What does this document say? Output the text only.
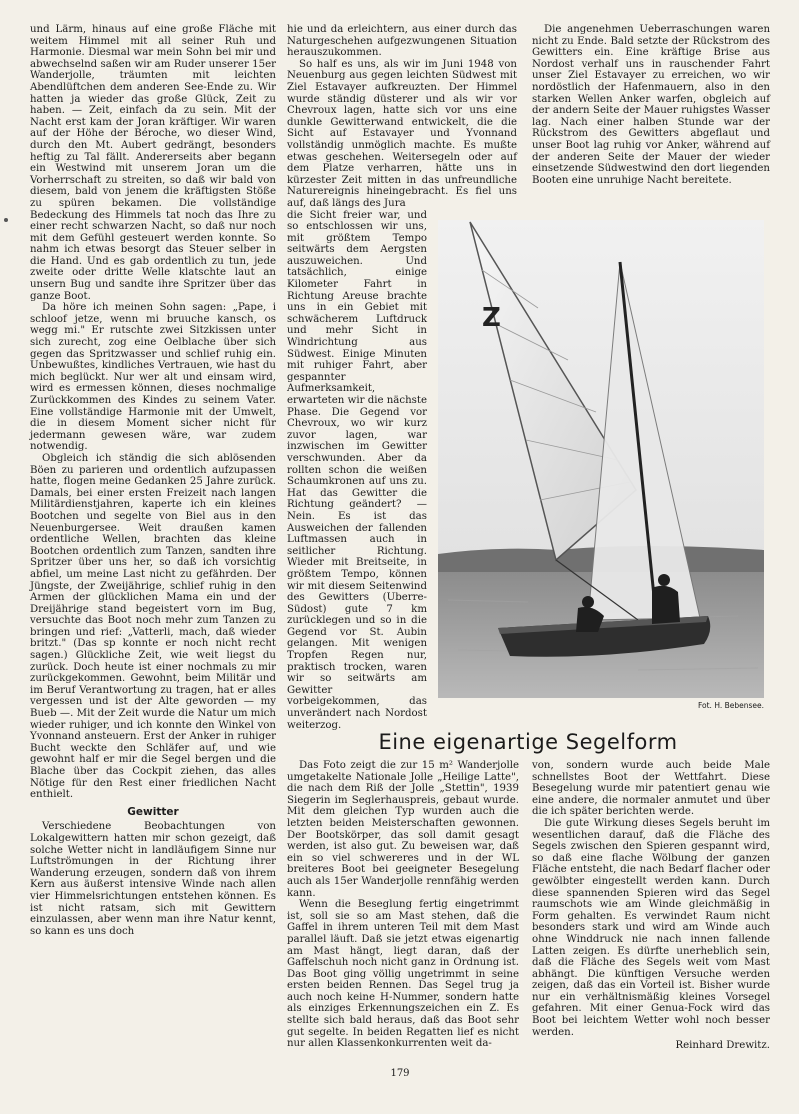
und Lärm, hinaus auf eine große Fläche mit weitem Himmel mit all seiner Ruh und Harmonie. Diesmal war mein Sohn bei mir und abwechselnd saßen wir am Ruder unserer 15er Wanderjolle, träumten mit leichten Abendlüftchen dem anderen See-Ende zu. Wir hatten ja wieder das große Glück, Zeit zu haben. — Zeit, einfach da zu sein. Mit der Nacht erst kam der Joran kräftiger. Wir waren auf der Höhe der Béroche, wo dieser Wind, durch den Mt. Aubert gedrängt, besonders heftig zu Tal fällt. Andererseits aber begann ein Westwind mit unserem Joran um die Vorherrschaft zu streiten, so daß wir bald von diesem, bald von jenem die kräftigsten Stöße zu spüren bekamen. Die vollständige Bedeckung des Himmels tat noch das Ihre zu einer recht schwarzen Nacht, so daß nur noch mit dem Gefühl gesteuert werden konnte. So nahm ich etwas besorgt das Steuer selber in die Hand. Und es gab ordentlich zu tun, jede zweite oder dritte Welle klatschte laut an unsern Bug und sandte ihre Spritzer über das ganze Boot.

Da höre ich meinen Sohn sagen: „Pape, i schloof jetze, wenn mi bruuche kansch, os wegg mi." Er rutschte zwei Sitzkissen unter sich zurecht, zog eine Oelblache über sich gegen das Spritzwasser und schlief ruhig ein. Unbewußtes, kindliches Vertrauen, wie hast du mich beglückt. Nur wer alt und einsam wird, wird es ermessen können, dieses nochmalige Zurückkommen des Kindes zu seinem Vater. Eine vollständige Harmonie mit der Umwelt, die in diesem Moment sicher nicht für jedermann gewesen wäre, war zudem notwendig.

Obgleich ich ständig die sich ablösenden Böen zu parieren und ordentlich aufzupassen hatte, flogen meine Gedanken 25 Jahre zurück. Damals, bei einer ersten Freizeit nach langen Militärdienstjahren, kaperte ich ein kleines Bootchen und segelte von Biel aus in den Neuenburgersee. Weit draußen kamen ordentliche Wellen, brachten das kleine Bootchen ordentlich zum Tanzen, sandten ihre Spritzer über uns her, so daß ich vorsichtig abfiel, um meine Last nicht zu gefährden. Der Jüngste, der Zweijährige, schlief ruhig in den Armen der glücklichen Mama ein und der Dreijährige stand begeistert vorn im Bug, versuchte das Boot noch mehr zum Tanzen zu bringen und rief: „Vatterli, mach, daß wieder britzt." (Das sp konnte er noch nicht recht sagen.) Glückliche Zeit, wie weit liegst du zurück. Doch heute ist einer nochmals zu mir zurückgekommen. Gewohnt, beim Militär und im Beruf Verantwortung zu tragen, hat er alles vergessen und ist der Alte geworden — my Bueb —. Mit der Zeit wurde die Natur um mich wieder ruhiger, und ich konnte den Winkel von Yvonnand ansteuern. Erst der Anker in ruhiger Bucht weckte den Schläfer auf, und wie gewohnt half er mir die Segel bergen und die Blache über das Cockpit ziehen, das alles Nötige für den Rest einer friedlichen Nacht enthielt.

Gewitter

Verschiedene Beobachtungen von Lokalgewittern hatten mir schon gezeigt, daß solche Wetter nicht in landläufigem Sinne nur Luftströmungen in der Richtung ihrer Wanderung erzeugen, sondern daß von ihrem Kern aus äußerst intensive Winde nach allen vier Himmelsrichtungen entstehen können. Es ist nicht ratsam, sich mit Gewittern einzulassen, aber wenn man ihre Natur kennt, so kann es uns doch

hie und da erleichtern, aus einer durch das Naturgeschehen aufgezwungenen Situation herauszukommen.

So half es uns, als wir im Juni 1948 von Neuenburg aus gegen leichten Südwest mit Ziel Estavayer aufkreuzten. Der Himmel wurde ständig düsterer und als wir vor Chevroux lagen, hatte sich vor uns eine dunkle Gewitterwand entwickelt, die die Sicht auf Estavayer und Yvonnand vollständig unmöglich machte. Es mußte etwas geschehen. Weitersegeln oder auf dem Platze verharren, hätte uns in kürzester Zeit mitten in das unfreundliche Naturereignis hineingebracht. Es fiel uns auf, daß längs des Jura

die Sicht freier war, und so entschlossen wir uns, mit größtem Tempo seitwärts dem Aergsten auszuweichen. Und tatsächlich, einige Kilometer Fahrt in Richtung Areuse brachte uns in ein Gebiet mit schwächerem Luftdruck und mehr Sicht in Windrichtung aus Südwest. Einige Minuten mit ruhiger Fahrt, aber gespannter Aufmerksamkeit, erwarteten wir die nächste Phase. Die Gegend vor Chevroux, wo wir kurz zuvor lagen, war inzwischen im Gewitter verschwunden. Aber da rollten schon die weißen Schaumkronen auf uns zu. Hat das Gewitter die Richtung geändert? — Nein. Es ist das Ausweichen der fallenden Luftmassen auch in seitlicher Richtung. Wieder mit Breitseite, in größtem Tempo, können wir mit diesem Seitenwind des Gewitters (Uberre-Südost) gute 7 km zurücklegen und so in die Gegend vor St. Aubin gelangen. Mit wenigen Tropfen Regen nur, praktisch trocken, waren wir so seitwärts am Gewitter vorbeigekommen, das unverändert nach Nordost weiterzog.

Die angenehmen Ueberraschungen waren nicht zu Ende. Bald setzte der Rückstrom des Gewitters ein. Eine kräftige Brise aus Nordost verhalf uns in rauschender Fahrt unser Ziel Estavayer zu erreichen, wo wir nordöstlich der Hafenmauern, also in den starken Wellen Anker warfen, obgleich auf der andern Seite der Mauer ruhigstes Wasser lag. Nach einer halben Stunde war der Rückstrom des Gewitters abgeflaut und unser Boot lag ruhig vor Anker, während auf der anderen Seite der Mauer der wieder einsetzende Südwestwind den dort liegenden Booten eine unruhige Nacht bereitete.

Z
Fot. H. Bebensee.
Eine eigenartige Segelform

Das Foto zeigt die zur 15 m² Wanderjolle umgetakelte Nationale Jolle „Heilige Latte", die nach dem Riß der Jolle „Stettin", 1939 Siegerin im Seglerhauspreis, gebaut wurde. Mit dem gleichen Typ wurden auch die letzten beiden Meisterschaften gewonnen. Der Bootskörper, das soll damit gesagt werden, ist also gut. Zu beweisen war, daß ein so viel schwereres und in der WL breiteres Boot bei geeigneter Besegelung auch als 15er Wanderjolle rennfähig werden kann.

Wenn die Beseglung fertig eingetrimmt ist, soll sie so am Mast stehen, daß die Gaffel in ihrem unteren Teil mit dem Mast parallel läuft. Daß sie jetzt etwas eigenartig am Mast hängt, liegt daran, daß der Gaffelschuh noch nicht ganz in Ordnung ist. Das Boot ging völlig ungetrimmt in seine ersten beiden Rennen. Das Segel trug ja auch noch keine H-Nummer, sondern hatte als einziges Erkennungszeichen ein Z. Es stellte sich bald heraus, daß das Boot sehr gut segelte. In beiden Regatten lief es nicht nur allen Klassenkonkurrenten weit da-

von, sondern wurde auch beide Male schnellstes Boot der Wettfahrt. Diese Besegelung wurde mir patentiert genau wie eine andere, die normaler anmutet und über die ich später berichten werde.

Die gute Wirkung dieses Segels beruht im wesentlichen darauf, daß die Fläche des Segels zwischen den Spieren gespannt wird, so daß eine flache Wölbung der ganzen Fläche entsteht, die nach Bedarf flacher oder gewölbter eingestellt werden kann. Durch diese spannenden Spieren wird das Segel raumschots wie am Winde gleichmäßig in Form gehalten. Es verwindet Raum nicht besonders stark und wird am Winde auch ohne Winddruck nie nach innen fallende Latten zeigen. Es dürfte unerheblich sein, daß die Fläche des Segels weit vom Mast abhängt. Die künftigen Versuche werden zeigen, daß das ein Vorteil ist. Bisher wurde nur ein verhältnismäßig kleines Vorsegel gefahren. Mit einer Genua-Fock wird das Boot bei leichtem Wetter wohl noch besser werden.

Reinhard Drewitz.
179
